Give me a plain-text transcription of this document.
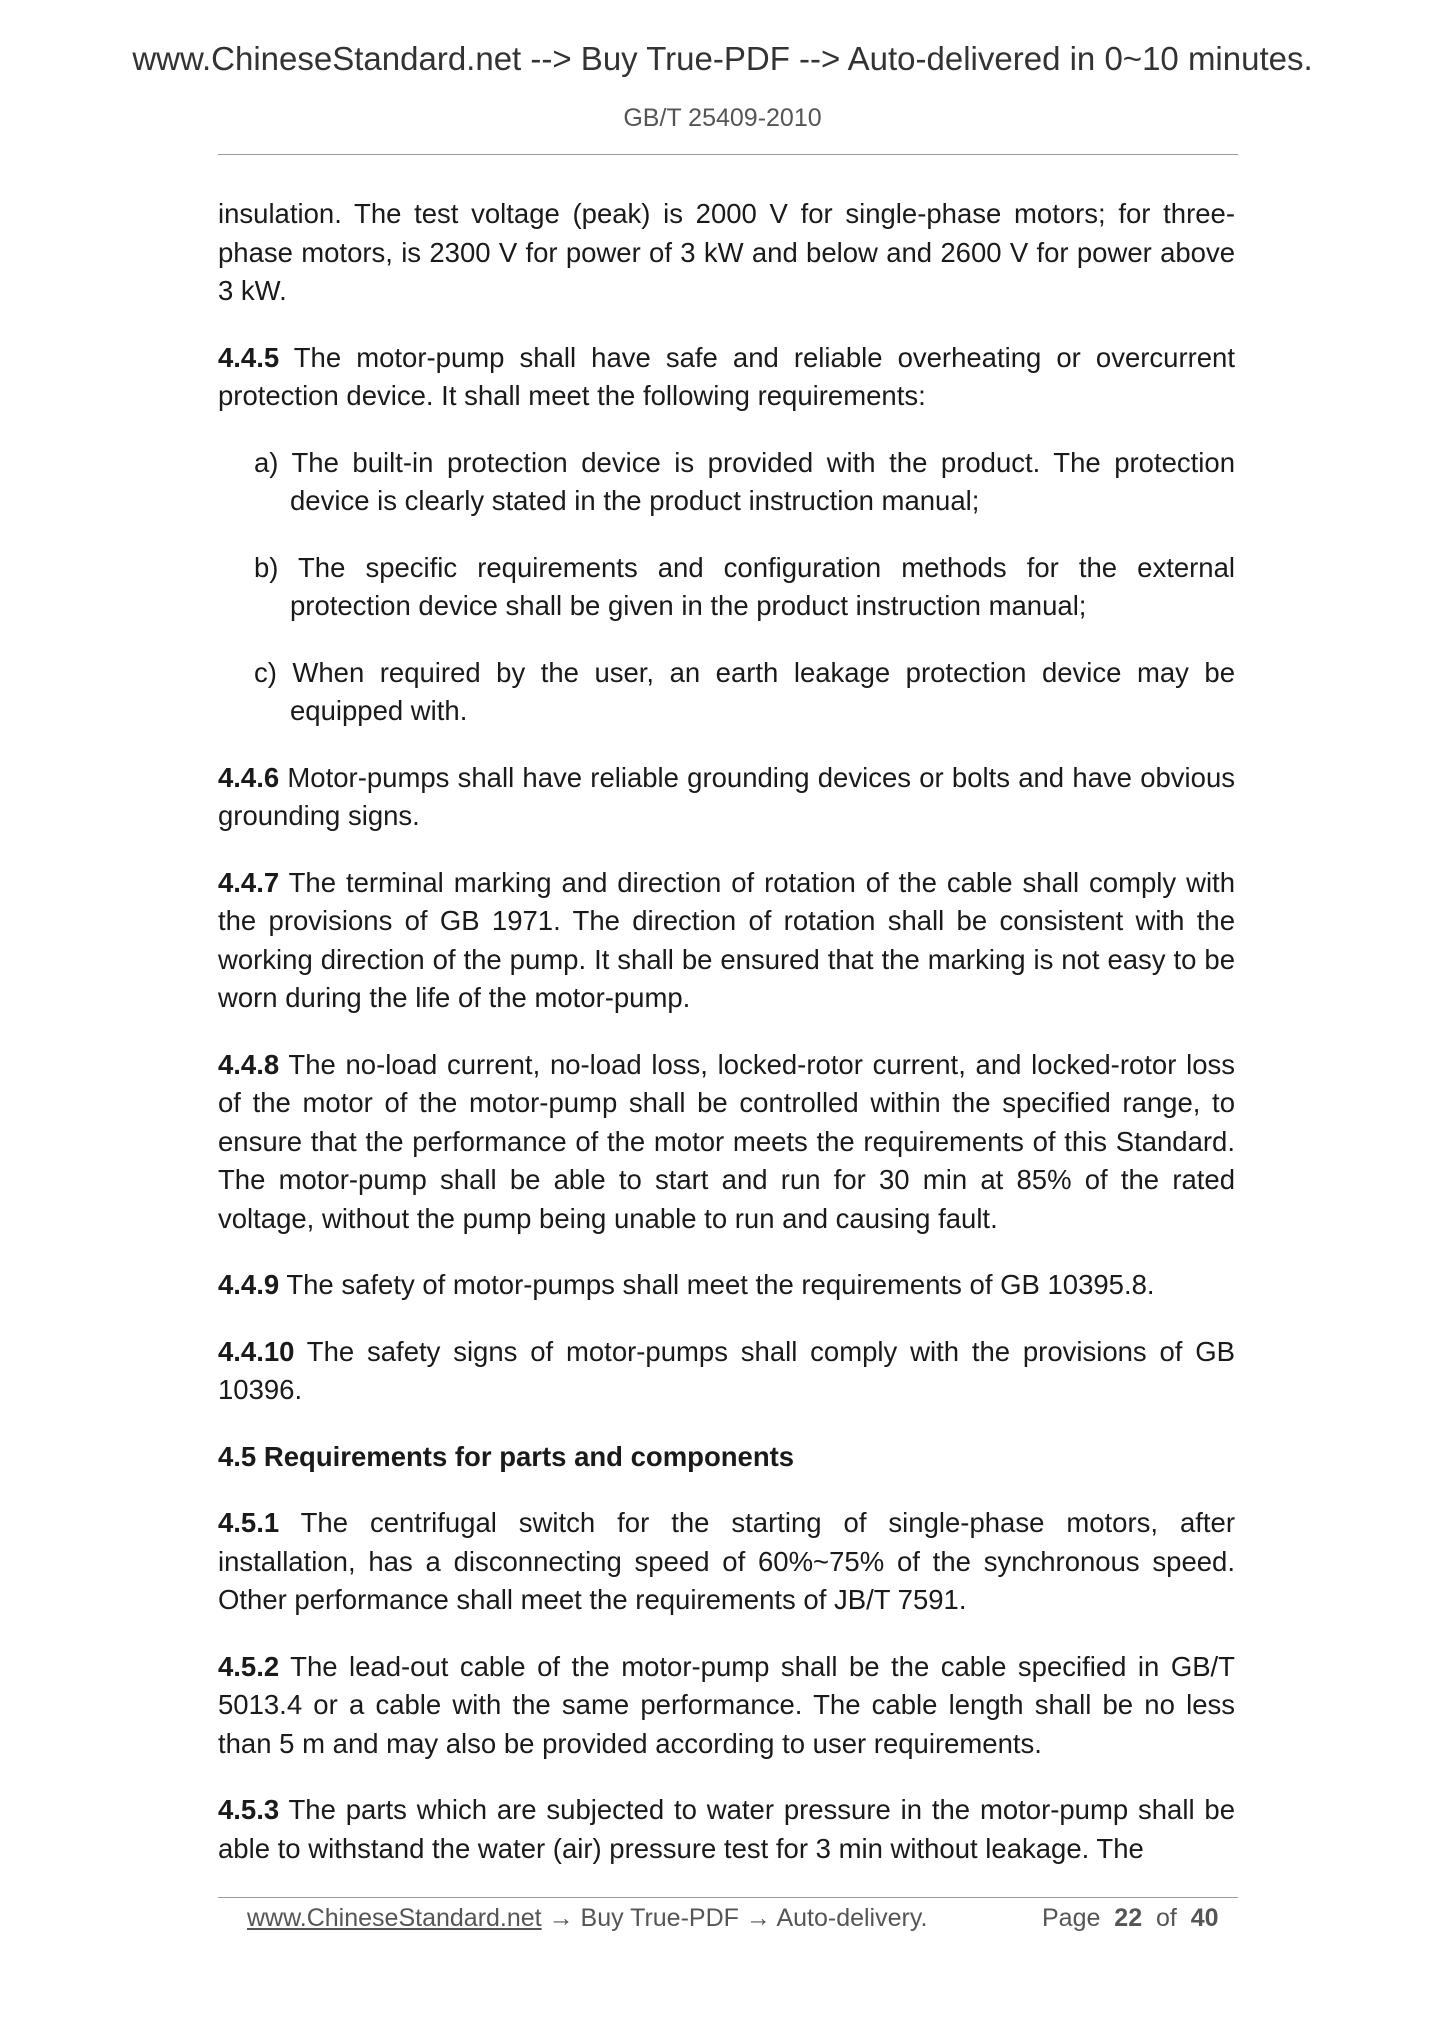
www.ChineseStandard.net --> Buy True-PDF --> Auto-delivered in 0~10 minutes.
GB/T 25409-2010

insulation. The test voltage (peak) is 2000 V for single-phase motors; for three-phase motors, is 2300 V for power of 3 kW and below and 2600 V for power above 3 kW.

4.4.5 The motor-pump shall have safe and reliable overheating or overcurrent protection device. It shall meet the following requirements:

a) The built-in protection device is provided with the product. The protection device is clearly stated in the product instruction manual;

b) The specific requirements and configuration methods for the external protection device shall be given in the product instruction manual;

c) When required by the user, an earth leakage protection device may be equipped with.

4.4.6 Motor-pumps shall have reliable grounding devices or bolts and have obvious grounding signs.

4.4.7 The terminal marking and direction of rotation of the cable shall comply with the provisions of GB 1971. The direction of rotation shall be consistent with the working direction of the pump. It shall be ensured that the marking is not easy to be worn during the life of the motor-pump.

4.4.8 The no-load current, no-load loss, locked-rotor current, and locked-rotor loss of the motor of the motor-pump shall be controlled within the specified range, to ensure that the performance of the motor meets the requirements of this Standard. The motor-pump shall be able to start and run for 30 min at 85% of the rated voltage, without the pump being unable to run and causing fault.

4.4.9 The safety of motor-pumps shall meet the requirements of GB 10395.8.

4.4.10 The safety signs of motor-pumps shall comply with the provisions of GB 10396.

4.5 Requirements for parts and components

4.5.1 The centrifugal switch for the starting of single-phase motors, after installation, has a disconnecting speed of 60%~75% of the synchronous speed. Other performance shall meet the requirements of JB/T 7591.

4.5.2 The lead-out cable of the motor-pump shall be the cable specified in GB/T 5013.4 or a cable with the same performance. The cable length shall be no less than 5 m and may also be provided according to user requirements.

4.5.3 The parts which are subjected to water pressure in the motor-pump shall be able to withstand the water (air) pressure test for 3 min without leakage. The

www.ChineseStandard.net → Buy True-PDF → Auto-delivery.	Page 22 of 40
